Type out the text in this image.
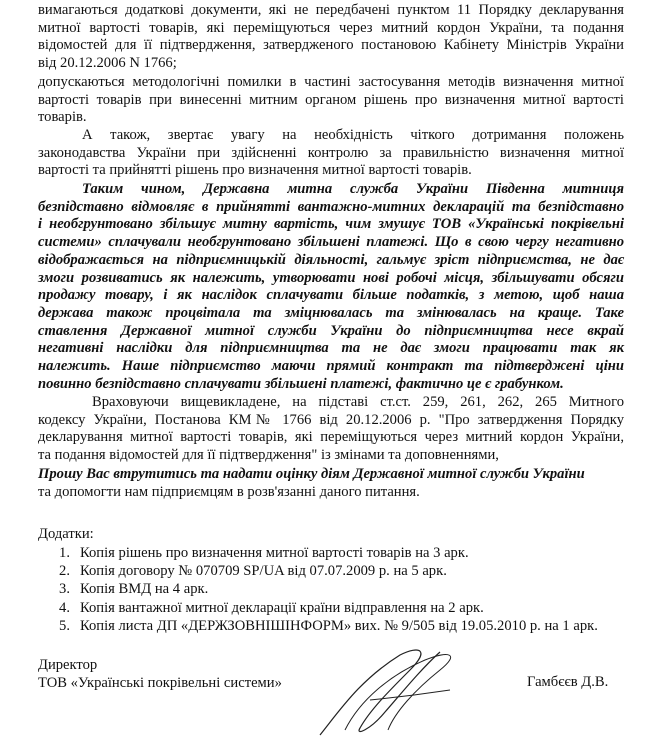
вимагаються додаткові документи, які не передбачені пунктом 11 Порядку декларування
митної вартості товарів, які переміщуються через митний кордон України, та подання
відомостей для її підтвердження, затвердженого постановою Кабінету Міністрів України
від 20.12.2006 N 1766;
допускаються методологічні помилки в частині застосування методів визначення митної
вартості товарів при винесенні митним органом рішень про визначення митної вартості
товарів.
А також, звертає увагу на необхідність чіткого дотримання положень
законодавства України при здійсненні контролю за правильністю визначення митної
вартості та прийнятті рішень про визначення митної вартості товарів.
Таким чином, Державна митна служба України Південна митниця
безпідставно відмовляє в прийнятті вантажно-митних декларацій та безпідставно
і необгрунтовано збільшує митну вартість, чим змушує ТОВ «Українські покрівельні
системи» сплачували необгрунтовано збільшені платежі. Що в свою чергу негативно
відображається на підприємницькій діяльності, гальмує зріст підприємства, не дає
змоги розвиватись як належить, утворювати нові робочі місця, збільшувати обсяги
продажу товару, і як наслідок сплачувати більше податків, з метою, щоб наша
держава також процвітала та зміцнювалась та змінювалась на краще. Таке
ставлення Державної митної служби України до підприємництва несе вкрай
негативні наслідки для підприємництва та не дає змоги працювати так як
належить. Наше підприємство маючи прямий контракт та підтверджені ціни
повинно безпідставно сплачувати збільшені платежі, фактично це є грабунком.
Враховуючи вищевикладене, на підставі ст.ст. 259, 261, 262, 265 Митного
кодексу України, Постанова КМ№ 1766 від 20.12.2006 р. "Про затвердження Порядку
декларування митної вартості товарів, які переміщуються через митний кордон України,
та подання відомостей для її підтвердження" із змінами та доповненнями,
Прошу Вас втрутитись та надати оцінку діям Державної митної служби України
та допомогти нам підприємцям в розв'язанні даного питання.
Додатки:
1. Копія рішень про визначення митної вартості товарів на 3 арк.
2. Копія договору № 070709 SP/UA від 07.07.2009 р. на 5 арк.
3. Копія ВМД на 4 арк.
4. Копія вантажної митної декларації країни відправлення на 2 арк.
5. Копія листа ДП «ДЕРЖЗОВНІШІНФОРМ» вих. № 9/505 від 19.05.2010 р. на 1 арк.
Директор
ТОВ «Українські покрівельні системи»	Гамбєєв Д.В.
